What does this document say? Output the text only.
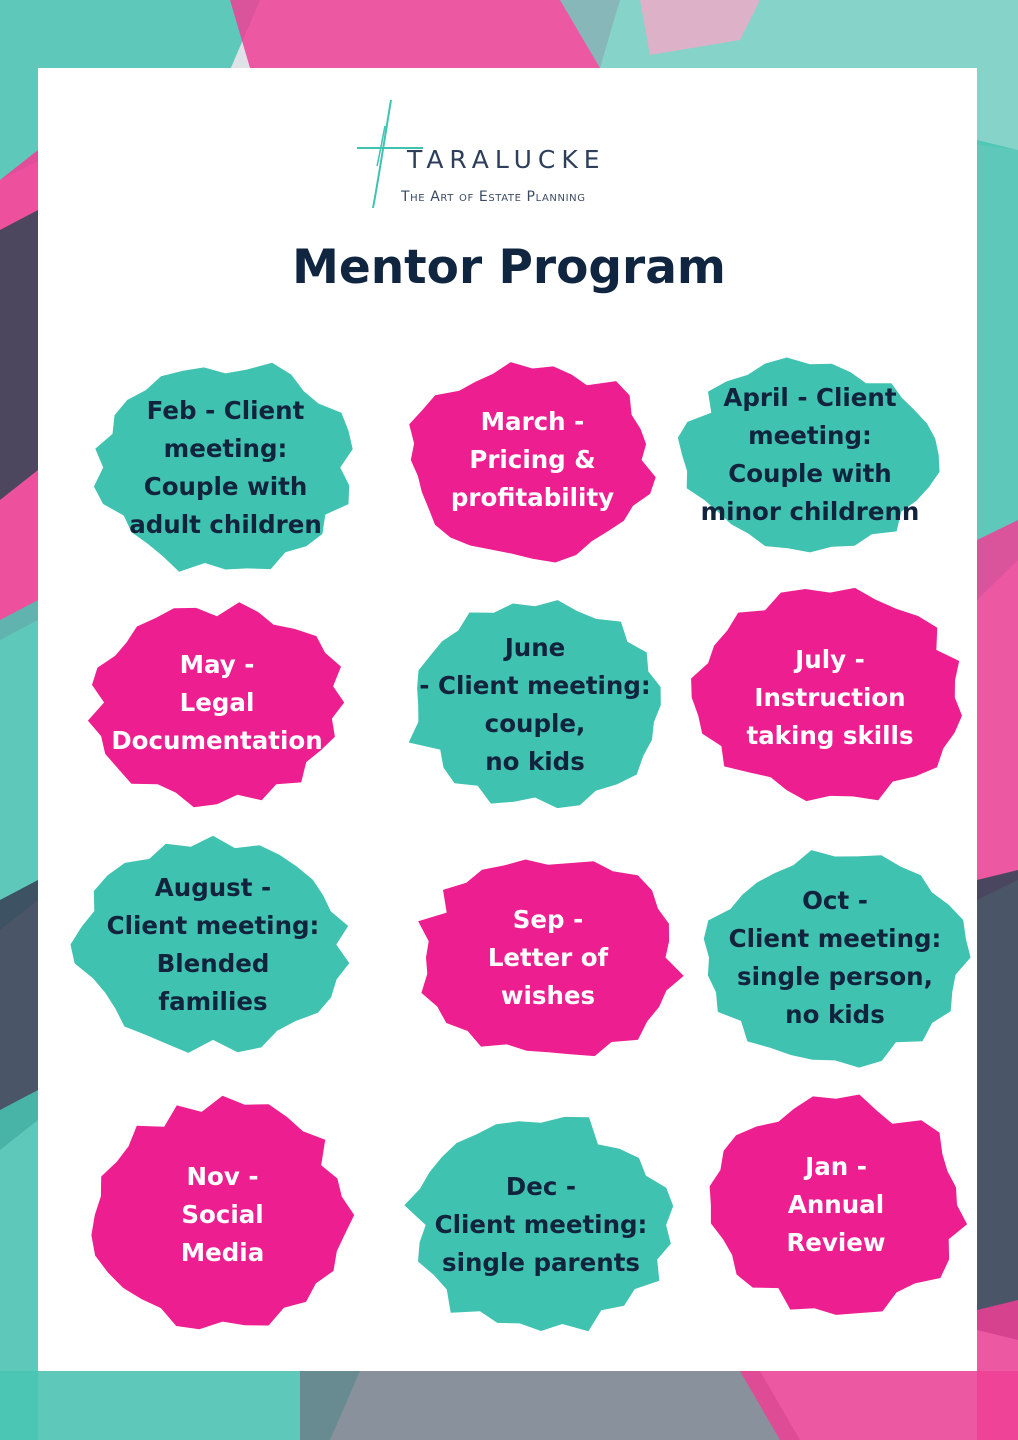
TARALUCKE
The Art of Estate Planning
Mentor Program
Feb - Client
meeting:
Couple with
adult children
March -
Pricing &
profitability
April - Client
meeting:
Couple with
minor childrenn
May -
Legal
Documentation
June
- Client meeting:
couple,
no kids
July -
Instruction
taking skills
August -
Client meeting:
Blended
families
Sep -
Letter of
wishes
Oct -
Client meeting:
single person,
no kids
Nov -
Social
Media
Dec -
Client meeting:
single parents
Jan -
Annual
Review
